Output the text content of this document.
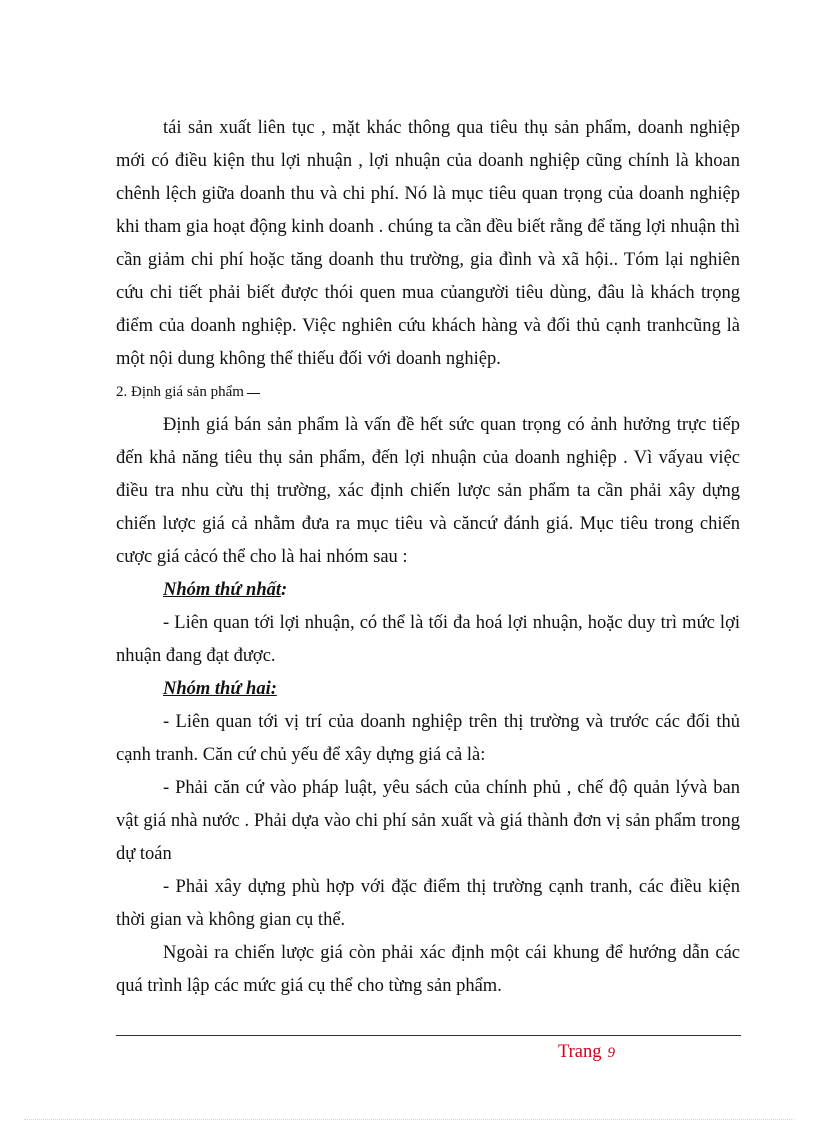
tái sản xuất liên tục , mặt khác thông qua tiêu thụ sản phẩm, doanh nghiệp mới có điều kiện thu lợi nhuận , lợi nhuận của doanh nghiệp cũng chính là khoan chênh lệch giữa doanh thu và chi phí. Nó là mục tiêu quan trọng của doanh nghiệp khi tham gia hoạt động kinh doanh . chúng ta cần đều biết rằng để tăng lợi nhuận thì cần giảm chi phí hoặc tăng doanh thu trường, gia đình và xã hội.. Tóm lại nghiên cứu chi tiết phải biết được thói quen mua củangười tiêu dùng, đâu là khách trọng điểm của doanh nghiệp. Việc nghiên cứu khách hàng và đối thủ cạnh tranhcũng là một nội dung không thể thiếu đối với doanh nghiệp.

2. Định giá sản phẩm

Định giá bán sản phẩm là vấn đề hết sức quan trọng có ảnh hưởng trực tiếp đến khả năng tiêu thụ sản phẩm, đến lợi nhuận của doanh nghiệp . Vì vấyau việc điều tra nhu cừu thị trường, xác định chiến lược sản phẩm ta cần phải xây dựng chiến lược giá cả nhằm đưa ra mục tiêu và căncứ đánh giá. Mục tiêu trong chiến cược giá cảcó thể cho là hai nhóm sau :

Nhóm thứ nhất:

- Liên quan tới lợi nhuận, có thể là tối đa hoá lợi nhuận, hoặc duy trì mức lợi nhuận đang đạt được.

Nhóm thứ hai:

- Liên quan tới vị trí của doanh nghiệp trên thị trường và trước các đối thủ cạnh tranh. Căn cứ chủ yếu để xây dựng giá cả là:

- Phải căn cứ vào pháp luật, yêu sách của chính phủ , chế độ quản lývà ban vật giá nhà nước . Phải dựa vào chi phí sản xuất và giá thành đơn vị sản phẩm trong dự toán

- Phải xây dựng phù hợp với đặc điểm thị trường cạnh tranh, các điều kiện thời gian và không gian cụ thể.

Ngoài ra chiến lược giá còn phải xác định một cái khung để hướng dẫn các quá trình lập các mức giá cụ thể cho từng sản phẩm.

Trang 9
